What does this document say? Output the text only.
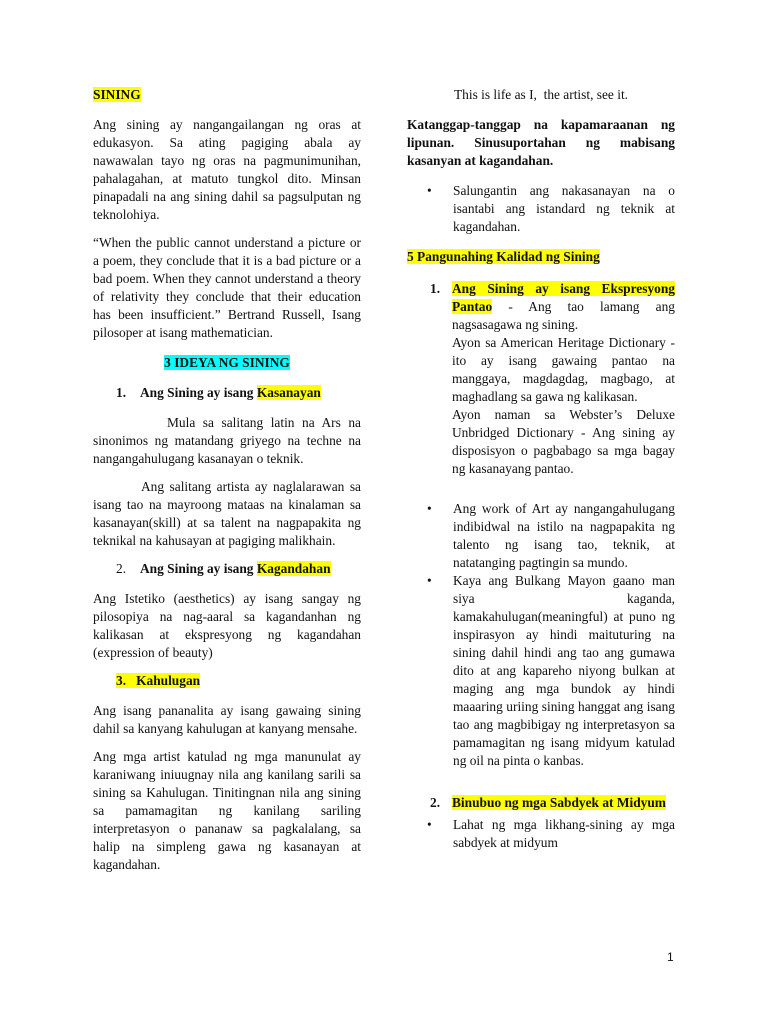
SINING

Ang sining ay nangangailangan ng oras at edukasyon. Sa ating pagiging abala ay nawawalan tayo ng oras na pagmunimunihan, pahalagahan, at matuto tungkol dito. Minsan pinapadali na ang sining dahil sa pagsulputan ng teknolohiya.

“When the public cannot understand a picture or a poem, they conclude that it is a bad picture or a bad poem. When they cannot understand a theory of relativity they conclude that their education has been insufficient.” Bertrand Russell, Isang pilosoper at isang mathematician.

3 IDEYA NG SINING
1.	Ang Sining ay isang Kasanayan

Mula sa salitang latin na Ars na sinonimos ng matandang griyego na techne na nangangahulugang kasanayan o teknik.

Ang salitang artista ay naglalarawan sa isang tao na mayroong mataas na kinalaman sa kasanayan(skill) at sa talent na nagpapakita ng teknikal na kahusayan at pagiging malikhain.

2.	Ang Sining ay isang Kagandahan

Ang Istetiko (aesthetics) ay isang sangay ng pilosopiya na nag-aaral sa kagandanhan ng kalikasan at ekspresyong ng kagandahan (expression of beauty)

3.   Kahulugan

Ang isang pananalita ay isang gawaing sining dahil sa kanyang kahulugan at kanyang mensahe.

Ang mga artist katulad ng mga manunulat ay karaniwang iniuugnay nila ang kanilang sarili sa sining sa Kahulugan. Tinitingnan nila ang sining sa pamamagitan ng kanilang sariling interpretasyon o pananaw sa pagkalalang, sa halip na simpleng gawa ng kasanayan at kagandahan.

This is life as I,  the artist, see it.

Katanggap-tanggap na kapamaraanan ng lipunan. Sinusuportahan ng mabisang kasanyan at kagandahan.

•	Salungantin ang nakasanayan na o isantabi ang istandard ng teknik at kagandahan.
5 Pangunahing Kalidad ng Sining
1. Ang Sining ay isang Ekspresyong Pantao - Ang tao lamang ang nagsasagawa ng sining.
Ayon sa American Heritage Dictionary - ito ay isang gawaing pantao na manggaya, magdagdag, magbago, at maghadlang sa gawa ng kalikasan.
Ayon naman sa Webster’s Deluxe Unbridged Dictionary - Ang sining ay disposisyon o pagbabago sa mga bagay ng kasanayang pantao.
•	Ang work of Art ay nangangahulugang indibidwal na istilo na nagpapakita ng talento ng isang tao, teknik, at natatanging pagtingin sa mundo.
•	Kaya ang Bulkang Mayon gaano man siya kaganda, kamakahulugan(meaningful) at puno ng inspirasyon ay hindi maituturing na sining dahil hindi ang tao ang gumawa dito at ang kapareho niyong bulkan at maging ang mga bundok ay hindi maaaring uriing sining hanggat ang isang tao ang magbibigay ng interpretasyon sa pamamagitan ng isang midyum katulad ng oil na pinta o kanbas.
2. Binubuo ng mga Sabdyek at Midyum
•	Lahat ng mga likhang-sining ay mga sabdyek at midyum
1
